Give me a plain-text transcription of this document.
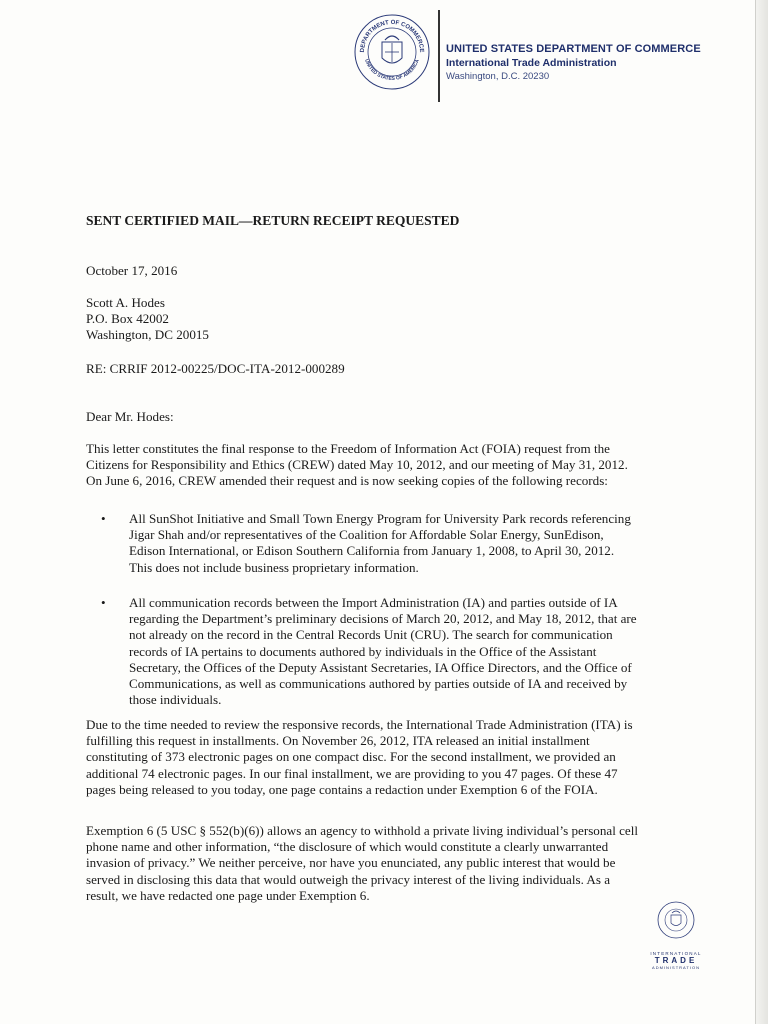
DEPARTMENT OF COMMERCE
UNITED STATES OF AMERICA
UNITED STATES DEPARTMENT OF COMMERCE
International Trade Administration
Washington, D.C. 20230
SENT CERTIFIED MAIL—RETURN RECEIPT REQUESTED
October 17, 2016
Scott A. Hodes
P.O. Box 42002
Washington, DC 20015
RE: CRRIF 2012-00225/DOC-ITA-2012-000289
Dear Mr. Hodes:
This letter constitutes the final response to the Freedom of Information Act (FOIA) request from the
Citizens for Responsibility and Ethics (CREW) dated May 10, 2012, and our meeting of May 31, 2012.
On June 6, 2016, CREW amended their request and is now seeking copies of the following records:
• All SunShot Initiative and Small Town Energy Program for University Park records referencing
Jigar Shah and/or representatives of the Coalition for Affordable Solar Energy, SunEdison,
Edison International, or Edison Southern California from January 1, 2008, to April 30, 2012.
This does not include business proprietary information.
• All communication records between the Import Administration (IA) and parties outside of IA
regarding the Department’s preliminary decisions of March 20, 2012, and May 18, 2012, that are
not already on the record in the Central Records Unit (CRU). The search for communication
records of IA pertains to documents authored by individuals in the Office of the Assistant
Secretary, the Offices of the Deputy Assistant Secretaries, IA Office Directors, and the Office of
Communications, as well as communications authored by parties outside of IA and received by
those individuals.
Due to the time needed to review the responsive records, the International Trade Administration (ITA) is
fulfilling this request in installments. On November 26, 2012, ITA released an initial installment
constituting of 373 electronic pages on one compact disc. For the second installment, we provided an
additional 74 electronic pages. In our final installment, we are providing to you 47 pages. Of these 47
pages being released to you today, one page contains a redaction under Exemption 6 of the FOIA.
Exemption 6 (5 USC § 552(b)(6)) allows an agency to withhold a private living individual’s personal cell
phone name and other information, “the disclosure of which would constitute a clearly unwarranted
invasion of privacy.” We neither perceive, nor have you enunciated, any public interest that would be
served in disclosing this data that would outweigh the privacy interest of the living individuals. As a
result, we have redacted one page under Exemption 6.
INTERNATIONAL
TRADE
ADMINISTRATION
